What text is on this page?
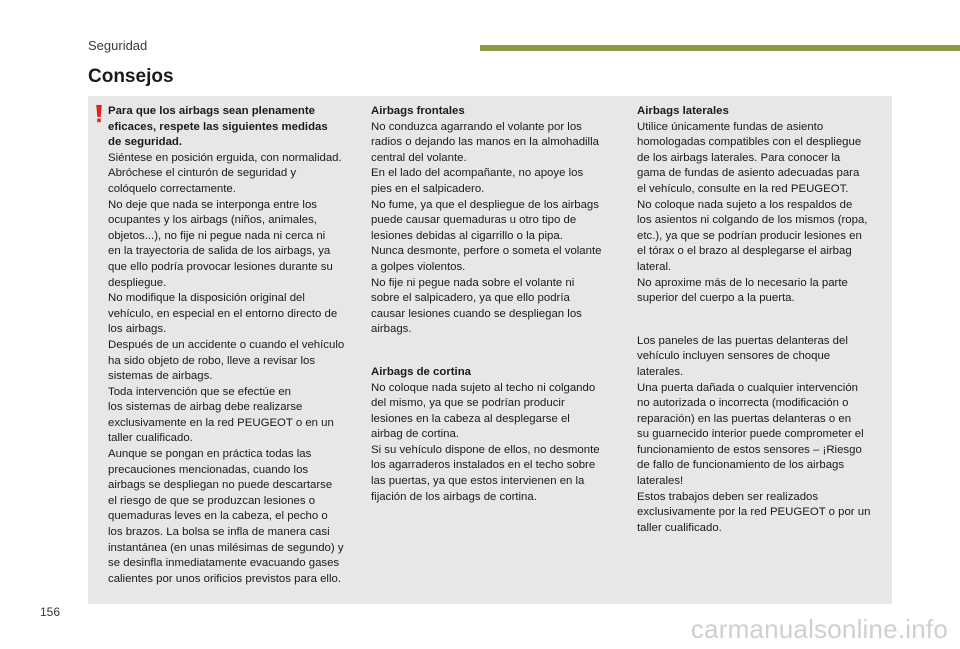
Seguridad
Consejos

Para que los airbags sean plenamente
eficaces, respete las siguientes medidas
de seguridad.

Siéntese en posición erguida, con normalidad.
Abróchese el cinturón de seguridad y
colóquelo correctamente.
No deje que nada se interponga entre los
ocupantes y los airbags (niños, animales,
objetos...), no fije ni pegue nada ni cerca ni
en la trayectoria de salida de los airbags, ya
que ello podría provocar lesiones durante su
despliegue.
No modifique la disposición original del
vehículo, en especial en el entorno directo de
los airbags.
Después de un accidente o cuando el vehículo
ha sido objeto de robo, lleve a revisar los
sistemas de airbags.
Toda intervención que se efectúe en
los sistemas de airbag debe realizarse
exclusivamente en la red PEUGEOT o en un
taller cualificado.
Aunque se pongan en práctica todas las
precauciones mencionadas, cuando los
airbags se despliegan no puede descartarse
el riesgo de que se produzcan lesiones o
quemaduras leves en la cabeza, el pecho o
los brazos. La bolsa se infla de manera casi
instantánea (en unas milésimas de segundo) y
se desinfla inmediatamente evacuando gases
calientes por unos orificios previstos para ello.

Airbags frontales

No conduzca agarrando el volante por los
radios o dejando las manos en la almohadilla
central del volante.
En el lado del acompañante, no apoye los
pies en el salpicadero.
No fume, ya que el despliegue de los airbags
puede causar quemaduras u otro tipo de
lesiones debidas al cigarrillo o la pipa.
Nunca desmonte, perfore o someta el volante
a golpes violentos.
No fije ni pegue nada sobre el volante ni
sobre el salpicadero, ya que ello podría
causar lesiones cuando se despliegan los
airbags.

Airbags de cortina

No coloque nada sujeto al techo ni colgando
del mismo, ya que se podrían producir
lesiones en la cabeza al desplegarse el
airbag de cortina.
Si su vehículo dispone de ellos, no desmonte
los agarraderos instalados en el techo sobre
las puertas, ya que estos intervienen en la
fijación de los airbags de cortina.

Airbags laterales

Utilice únicamente fundas de asiento
homologadas compatibles con el despliegue
de los airbags laterales. Para conocer la
gama de fundas de asiento adecuadas para
el vehículo, consulte en la red PEUGEOT.
No coloque nada sujeto a los respaldos de
los asientos ni colgando de los mismos (ropa,
etc.), ya que se podrían producir lesiones en
el tórax o el brazo al desplegarse el airbag
lateral.
No aproxime más de lo necesario la parte
superior del cuerpo a la puerta.

Los paneles de las puertas delanteras del
vehículo incluyen sensores de choque
laterales.
Una puerta dañada o cualquier intervención
no autorizada o incorrecta (modificación o
reparación) en las puertas delanteras o en
su guarnecido interior puede comprometer el
funcionamiento de estos sensores – ¡Riesgo
de fallo de funcionamiento de los airbags
laterales!
Estos trabajos deben ser realizados
exclusivamente por la red PEUGEOT o por un
taller cualificado.

156
carmanualsonline.info
